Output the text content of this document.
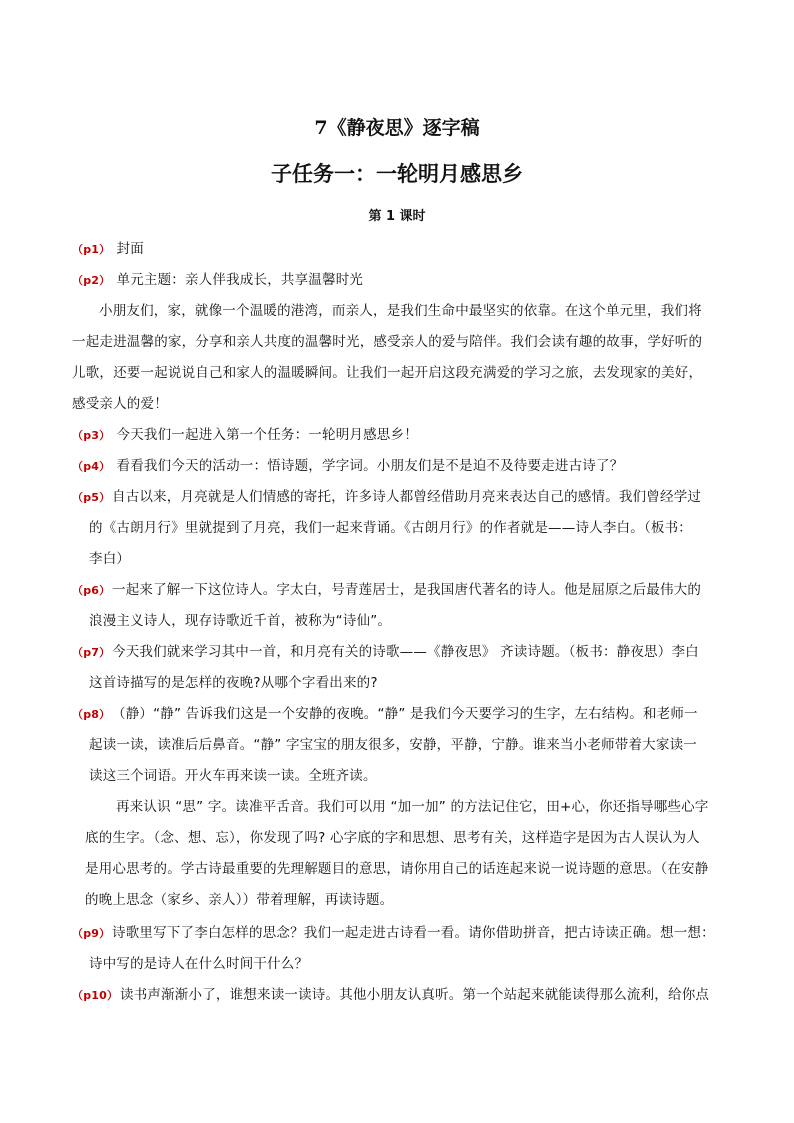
7《静夜思》逐字稿
子任务一：一轮明月感思乡
第 1 课时
（p1） 封面
（p2） 单元主题：亲人伴我成长，共享温馨时光
小朋友们，家，就像一个温暖的港湾，而亲人，是我们生命中最坚实的依靠。在这个单元里，我们将
一起走进温馨的家，分享和亲人共度的温馨时光，感受亲人的爱与陪伴。我们会读有趣的故事，学好听的
儿歌，还要一起说说自己和家人的温暖瞬间。让我们一起开启这段充满爱的学习之旅，去发现家的美好，
感受亲人的爱！
（p3） 今天我们一起进入第一个任务：一轮明月感思乡！
（p4） 看看我们今天的活动一：悟诗题，学字词。小朋友们是不是迫不及待要走进古诗了？
（p5） 自古以来，月亮就是人们情感的寄托，许多诗人都曾经借助月亮来表达自己的感情。我们曾经学过
的《古朗月行》里就提到了月亮，我们一起来背诵。《古朗月行》的作者就是——诗人李白。（板书：
李白）
（p6） 一起来了解一下这位诗人。字太白，号青莲居士，是我国唐代著名的诗人。他是屈原之后最伟大的
浪漫主义诗人，现存诗歌近千首，被称为“诗仙”。
（p7） 今天我们就来学习其中一首，和月亮有关的诗歌——《静夜思》 齐读诗题。（板书：静夜思）李白
这首诗描写的是怎样的夜晚?从哪个字看出来的?
（p8） （静）“静” 告诉我们这是一个安静的夜晚。“静” 是我们今天要学习的生字，左右结构。和老师一
起读一读，读准后后鼻音。“静” 字宝宝的朋友很多，安静，平静，宁静。谁来当小老师带着大家读一
读这三个词语。开火车再来读一读。全班齐读。
再来认识 “思” 字。读准平舌音。我们可以用 “加一加” 的方法记住它，田+心，你还指导哪些心字
底的生字。（念、想、忘），你发现了吗? 心字底的字和思想、思考有关，这样造字是因为古人误认为人
是用心思考的。学古诗最重要的先理解题目的意思，请你用自己的话连起来说一说诗题的意思。（在安静
的晚上思念（家乡、亲人））带着理解，再读诗题。
（p9） 诗歌里写下了李白怎样的思念？我们一起走进古诗看一看。请你借助拼音，把古诗读正确。想一想：
诗中写的是诗人在什么时间干什么？
（p10） 读书声渐渐小了，谁想来读一读诗。其他小朋友认真听。第一个站起来就能读得那么流利，给你点
